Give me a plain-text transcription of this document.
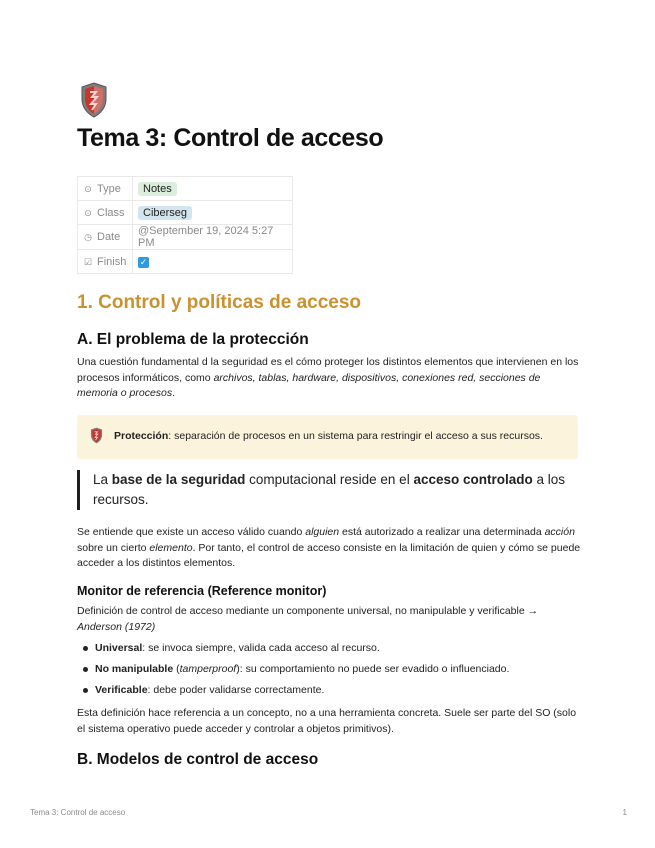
Tema 3: Control de acceso
⊙ Type	Notes
⊙ Class	Ciberseg
◷ Date	@September 19, 2024 5:27 PM
☑ Finish	✓
1. Control y políticas de acceso
A. El problema de la protección
Una cuestión fundamental d la seguridad es el cómo proteger los distintos elementos que intervienen en los procesos informáticos, como archivos, tablas, hardware, dispositivos, conexiones red, secciones de memoria o procesos.
Protección: separación de procesos en un sistema para restringir el acceso a sus recursos.
La base de la seguridad computacional reside en el acceso controlado a los recursos.
Se entiende que existe un acceso válido cuando alguien está autorizado a realizar una determinada acción sobre un cierto elemento. Por tanto, el control de acceso consiste en la limitación de quien y cómo se puede acceder a los distintos elementos.
Monitor de referencia (Reference monitor)
Definición de control de acceso mediante un componente universal, no manipulable y verificable → Anderson (1972)
Universal: se invoca siempre, valida cada acceso al recurso.
No manipulable (tamperproof): su comportamiento no puede ser evadido o influenciado.
Verificable: debe poder validarse correctamente.
Esta definición hace referencia a un concepto, no a una herramienta concreta. Suele ser parte del SO (solo el sistema operativo puede acceder y controlar a objetos primitivos).
B. Modelos de control de acceso
Tema 3: Control de acceso	1
